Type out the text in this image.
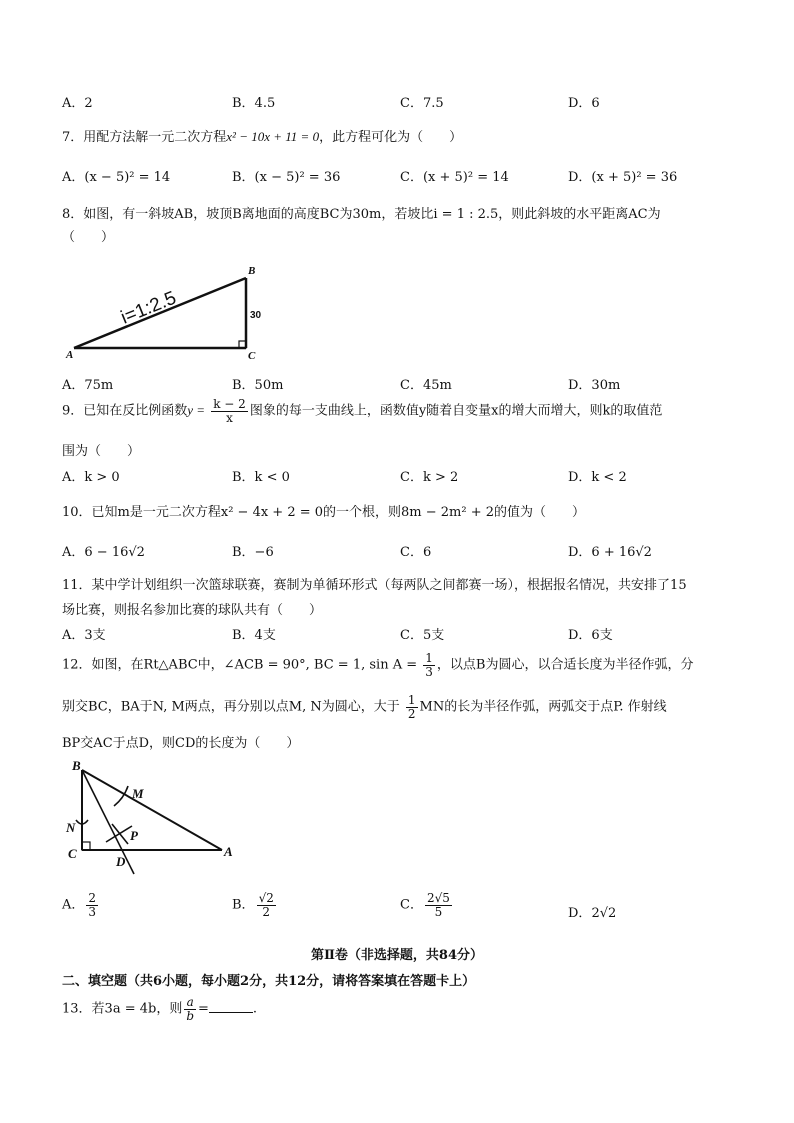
A．2	B．4.5	C．7.5	D．6
7．用配方法解一元二次方程x² − 10x + 11 = 0，此方程可化为（　　）
A．(x − 5)² = 14	B．(x − 5)² = 36	C．(x + 5)² = 14	D．(x + 5)² = 36
8．如图，有一斜坡AB，坡顶B离地面的高度BC为30m，若坡比i = 1 : 2.5，则此斜坡的水平距离AC为
（　　）
i=1:2.5	30
B
A	C
A．75m	B．50m	C．45m	D．30m
9．已知在反比例函数$y = \frac{k - 2}{x}$ 图象的每一支曲线上，函数值y随着自变量x的增大而增大，则k的取值范
围为（　　）
A．k > 0	B．k < 0	C．k > 2	D．k < 2
10．已知m是一元二次方程x² − 4x + 2 = 0的一个根，则8m − 2m² + 2的值为（　　）
A．6 − 16√2	B．−6	C．6	D．6 + 16√2
11．某中学计划组织一次篮球联赛，赛制为单循环形式（每两队之间都赛一场），根据报名情况，共安排了15
场比赛，则报名参加比赛的球队共有（　　）
A．3支	B．4支	C．5支	D．6支
12．如图，在Rt△ABC中，∠ACB = 90°, BC = 1, $\sin A = \frac{1}{3}$ ，以点B为圆心，以合适长度为半径作弧，分
别交BC，BA于N, M两点，再分别以点M, N为圆心，大于 $\frac{1}{2}$ MN的长为半径作弧，两弧交于点P. 作射线
BP交AC于点D，则CD的长度为（　　）
B
M
N
P
C
D
A
A． $\frac{2}{3}$	B． $\frac{√2}{2}$	C． $\frac{2√5}{5}$	D．2√2
第Ⅱ卷（非选择题，共84分）
二、填空题（共6小题，每小题2分，共12分，请将答案填在答题卡上）
13．若3a = 4b，则 $\frac{a}{b}$ =	.
